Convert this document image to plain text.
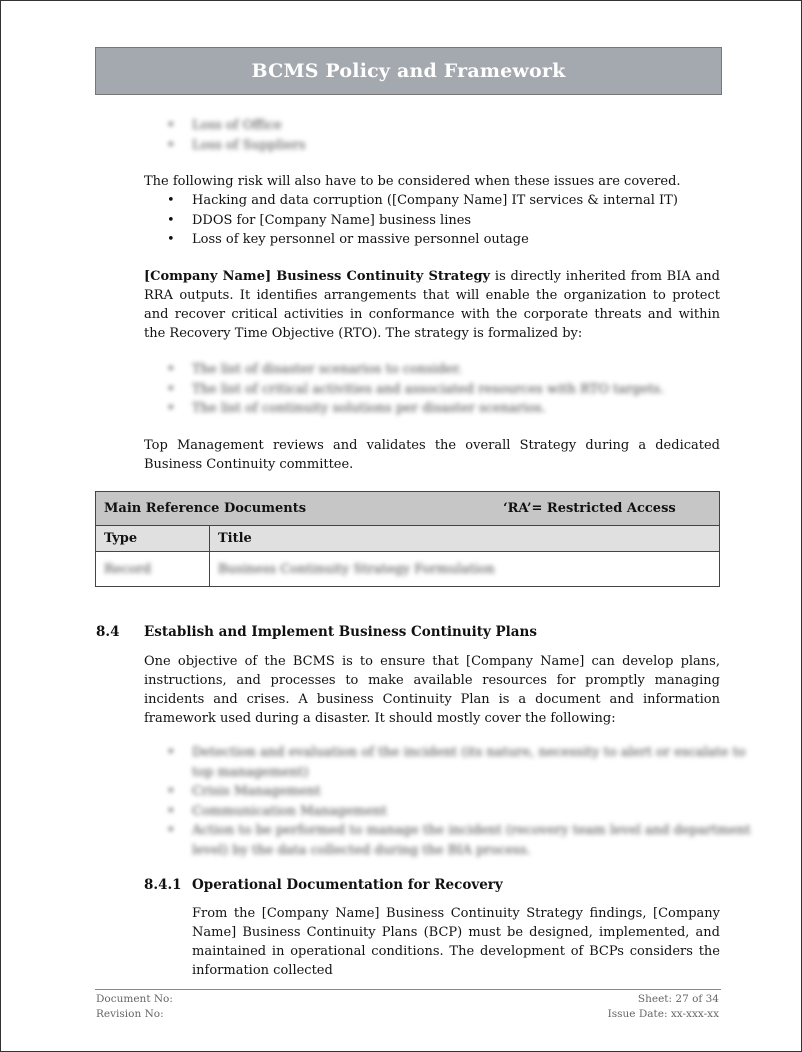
BCMS Policy and Framework
• Loss of Office
• Loss of Suppliers
The following risk will also have to be considered when these issues are covered.
• Hacking and data corruption ([Company Name] IT services & internal IT)
• DDOS for [Company Name] business lines
• Loss of key personnel or massive personnel outage
[Company Name] Business Continuity Strategy is directly inherited from BIA and RRA outputs. It identifies arrangements that will enable the organization to protect and recover critical activities in conformance with the corporate threats and within the Recovery Time Objective (RTO). The strategy is formalized by:
• The list of disaster scenarios to consider.
• The list of critical activities and associated resources with RTO targets.
• The list of continuity solutions per disaster scenarios.
Top Management reviews and validates the overall Strategy during a dedicated Business Continuity committee.
Main Reference Documents ‘RA’= Restricted Access	
Type	Title
Record	Business Continuity Strategy Formulation
8.4 Establish and Implement Business Continuity Plans
One objective of the BCMS is to ensure that [Company Name] can develop plans, instructions, and processes to make available resources for promptly managing incidents and crises. A business Continuity Plan is a document and information framework used during a disaster. It should mostly cover the following:
• Detection and evaluation of the incident (its nature, necessity to alert or escalate to
top management)
• Crisis Management
• Communication Management
• Action to be performed to manage the incident (recovery team level and department
level) by the data collected during the BIA process.
8.4.1 Operational Documentation for Recovery
From the [Company Name] Business Continuity Strategy findings, [Company Name] Business Continuity Plans (BCP) must be designed, implemented, and maintained in operational conditions. The development of BCPs considers the information collected
Document No:
Revision No:
Sheet: 27 of 34
Issue Date: xx-xxx-xx
